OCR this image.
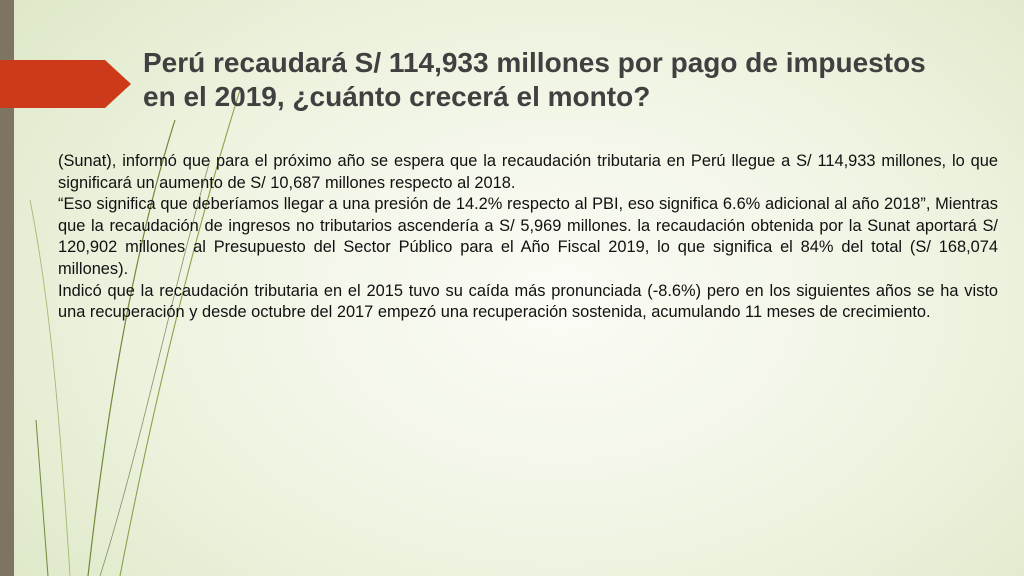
Perú recaudará S/ 114,933 millones por pago de impuestos en el 2019, ¿cuánto crecerá el monto?

(Sunat), informó que para el próximo año se espera que la recaudación tributaria en Perú llegue a S/ 114,933 millones, lo que significará un aumento de S/ 10,687 millones respecto al 2018.

“Eso significa que deberíamos llegar a una presión de 14.2% respecto al PBI, eso significa 6.6% adicional al año 2018”, Mientras que la recaudación de ingresos no tributarios ascendería a S/ 5,969 millones. la recaudación obtenida por la Sunat aportará S/ 120,902 millones al Presupuesto del Sector Público para el Año Fiscal 2019, lo que significa el 84% del total (S/ 168,074 millones).

Indicó que la recaudación tributaria en el 2015 tuvo su caída más pronunciada (-8.6%) pero en los siguientes años se ha visto una recuperación y desde octubre del 2017 empezó una recuperación sostenida, acumulando 11 meses de crecimiento.
